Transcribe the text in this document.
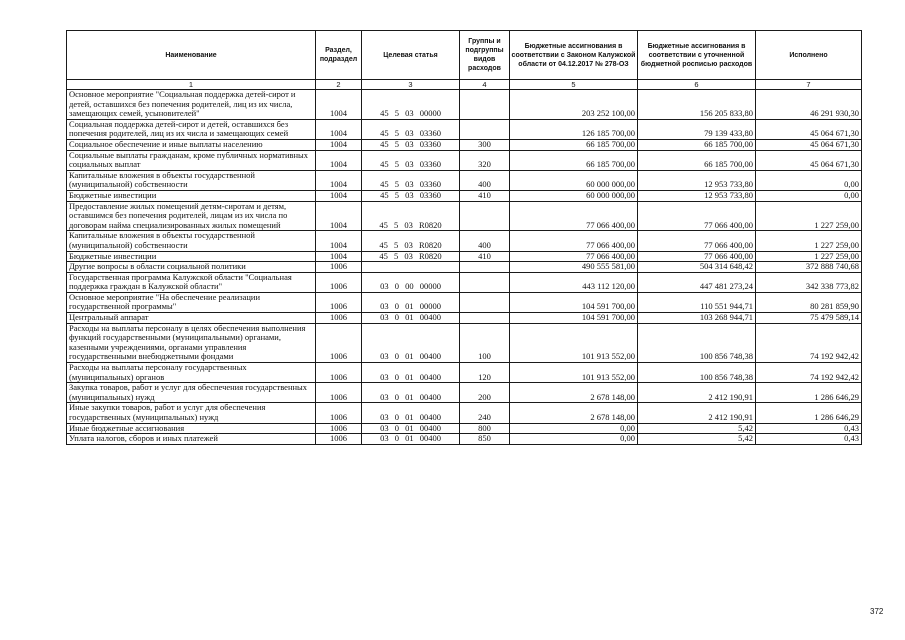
Наименование	Раздел, подраздел	Целевая статья	Группы и подгруппы видов расходов	Бюджетные ассигнования в соответствии с Законом Калужской области от 04.12.2017 № 278-ОЗ	Бюджетные ассигнования в соответствии с уточненной бюджетной росписью расходов	Исполнено
1	2	3	4	5	6	7
Основное мероприятие "Социальная поддержка детей-сирот и детей, оставшихся без попечения родителей, лиц из их числа, замещающих семей, усыновителей"	1004	45 5 03 00000		203 252 100,00	156 205 833,80	46 291 930,30
Социальная поддержка детей-сирот и детей, оставшихся без попечения родителей, лиц из их числа и замещающих семей	1004	45 5 03 03360		126 185 700,00	79 139 433,80	45 064 671,30
Социальное обеспечение и иные выплаты населению	1004	45 5 03 03360	300	66 185 700,00	66 185 700,00	45 064 671,30
Социальные выплаты гражданам, кроме публичных нормативных социальных выплат	1004	45 5 03 03360	320	66 185 700,00	66 185 700,00	45 064 671,30
Капитальные вложения в объекты государственной (муниципальной) собственности	1004	45 5 03 03360	400	60 000 000,00	12 953 733,80	0,00
Бюджетные инвестиции	1004	45 5 03 03360	410	60 000 000,00	12 953 733,80	0,00
Предоставление жилых помещений детям-сиротам и детям, оставшимся без попечения родителей, лицам из их числа по договорам найма специализированных жилых помещений	1004	45 5 03 R0820		77 066 400,00	77 066 400,00	1 227 259,00
Капитальные вложения в объекты государственной (муниципальной) собственности	1004	45 5 03 R0820	400	77 066 400,00	77 066 400,00	1 227 259,00
Бюджетные инвестиции	1004	45 5 03 R0820	410	77 066 400,00	77 066 400,00	1 227 259,00
Другие вопросы в области социальной политики	1006			490 555 581,00	504 314 648,42	372 888 740,68
Государственная программа Калужской области "Социальная поддержка граждан в Калужской области"	1006	03 0 00 00000		443 112 120,00	447 481 273,24	342 338 773,82
Основное мероприятие "На обеспечение реализации государственной программы"	1006	03 0 01 00000		104 591 700,00	110 551 944,71	80 281 859,90
Центральный аппарат	1006	03 0 01 00400		104 591 700,00	103 268 944,71	75 479 589,14
Расходы на выплаты персоналу в целях обеспечения выполнения функций государственными (муниципальными) органами, казенными учреждениями, органами управления государственными внебюджетными фондами	1006	03 0 01 00400	100	101 913 552,00	100 856 748,38	74 192 942,42
Расходы на выплаты персоналу государственных (муниципальных) органов	1006	03 0 01 00400	120	101 913 552,00	100 856 748,38	74 192 942,42
Закупка товаров, работ и услуг для обеспечения государственных (муниципальных) нужд	1006	03 0 01 00400	200	2 678 148,00	2 412 190,91	1 286 646,29
Иные закупки товаров, работ и услуг для обеспечения государственных (муниципальных) нужд	1006	03 0 01 00400	240	2 678 148,00	2 412 190,91	1 286 646,29
Иные бюджетные ассигнования	1006	03 0 01 00400	800	0,00	5,42	0,43
Уплата налогов, сборов и иных платежей	1006	03 0 01 00400	850	0,00	5,42	0,43
372
